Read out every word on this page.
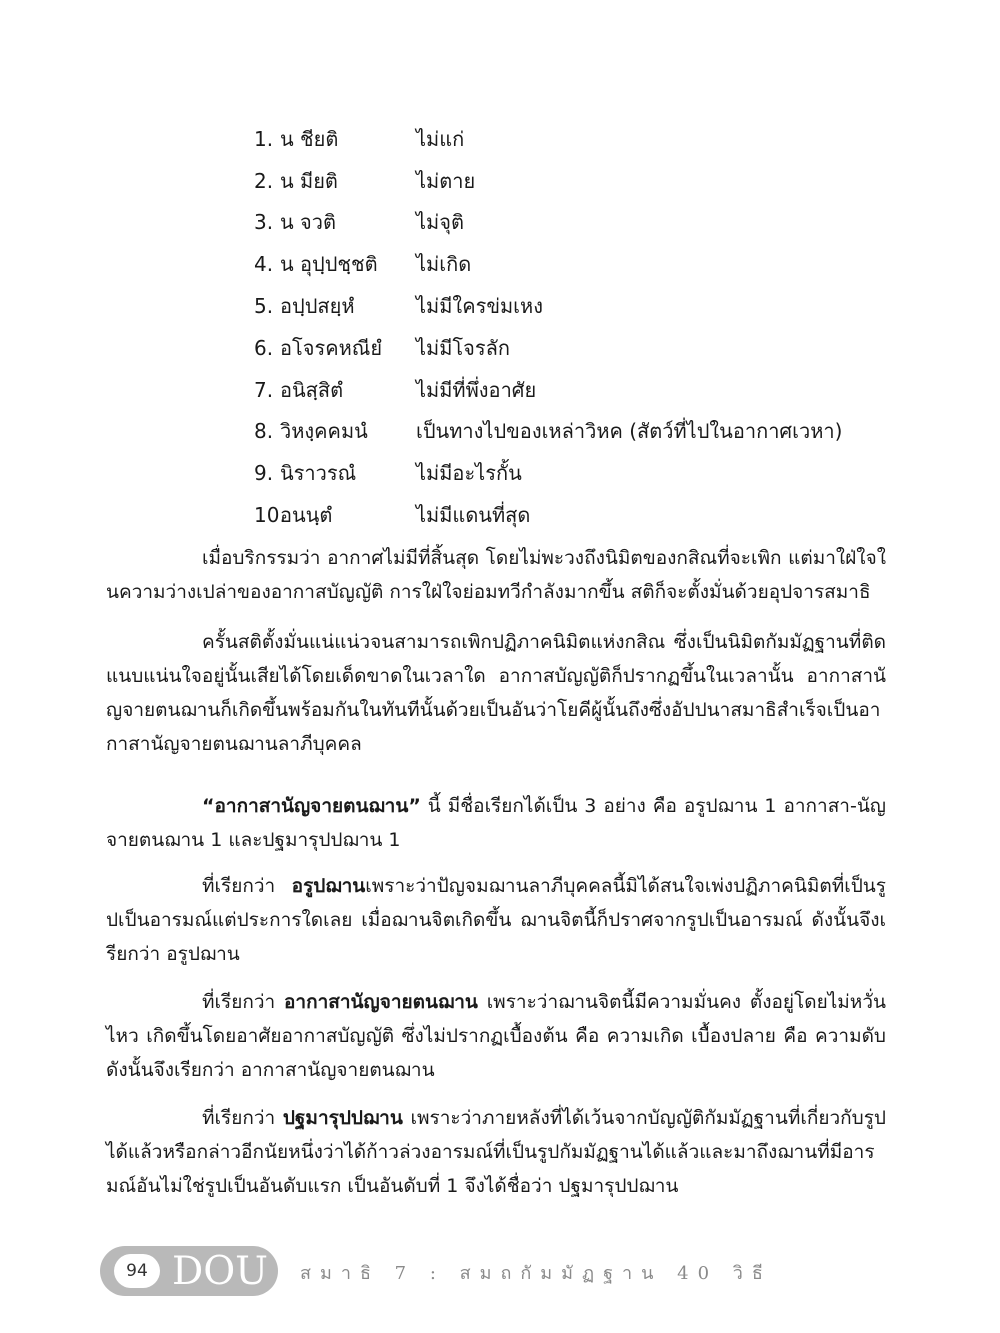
1. น ชียติ	ไม่แก่
2. น มียติ	ไม่ตาย
3. น จวติ	ไม่จุติ
4. น อุปฺปชฺชติ	ไม่เกิด
5. อปฺปสยฺหํ	ไม่มีใครข่มเหง
6. อโจรคหณียํ	ไม่มีโจรลัก
7. อนิสฺสิตํ	ไม่มีที่พึ่งอาศัย
8. วิหงฺคคมนํ	เป็นทางไปของเหล่าวิหค (สัตว์ที่ไปในอากาศเวหา)
9. นิราวรณํ	ไม่มีอะไรกั้น
10.
อนนฺตํ	ไม่มีแดนที่สุด

เมื่อบริกรรมว่า อากาศไม่มีที่สิ้นสุด โดยไม่พะวงถึงนิมิตของกสิณที่จะเพิก แต่มาใฝ่ใจในความว่างเปล่าของอากาสบัญญัติ การใฝ่ใจย่อมทวีกำลังมากขึ้น สติก็จะตั้งมั่นด้วยอุปจารสมาธิ

ครั้นสติตั้งมั่นแน่แน่วจนสามารถเพิกปฏิภาคนิมิตแห่งกสิณ ซึ่งเป็นนิมิตกัมมัฏฐานที่ติดแนบแน่นใจอยู่นั้นเสียได้โดยเด็ดขาดในเวลาใด อากาสบัญญัติก็ปรากฏขึ้นในเวลานั้น อากาสานัญจายตนฌานก็เกิดขึ้นพร้อมกันในทันทีนั้นด้วยเป็นอันว่าโยคีผู้นั้นถึงซึ่งอัปปนาสมาธิสำเร็จเป็นอากาสานัญจายตนฌานลาภีบุคคล

“อากาสานัญจายตนฌาน” นี้ มีชื่อเรียกได้เป็น 3 อย่าง คือ อรูปฌาน 1 อากาสา-นัญจายตนฌาน 1 และปฐมารุปปฌาน 1

ที่เรียกว่า อรูปฌานเพราะว่าปัญจมฌานลาภีบุคคลนี้มิได้สนใจเพ่งปฏิภาคนิมิตที่เป็นรูปเป็นอารมณ์แต่ประการใดเลย เมื่อฌานจิตเกิดขึ้น ฌานจิตนี้ก็ปราศจากรูปเป็นอารมณ์ ดังนั้นจึงเรียกว่า อรูปฌาน

ที่เรียกว่า อากาสานัญจายตนฌาน เพราะว่าฌานจิตนี้มีความมั่นคง ตั้งอยู่โดยไม่หวั่นไหว เกิดขึ้นโดยอาศัยอากาสบัญญัติ ซึ่งไม่ปรากฏเบื้องต้น คือ ความเกิด เบื้องปลาย คือ ความดับ ดังนั้นจึงเรียกว่า อากาสานัญจายตนฌาน

ที่เรียกว่า ปฐมารุปปฌาน เพราะว่าภายหลังที่ได้เว้นจากบัญญัติกัมมัฏฐานที่เกี่ยวกับรูปได้แล้วหรือกล่าวอีกนัยหนึ่งว่าได้ก้าวล่วงอารมณ์ที่เป็นรูปกัมมัฏฐานได้แล้วและมาถึงฌานที่มีอารมณ์อันไม่ใช่รูปเป็นอันดับแรก เป็นอันดับที่ 1 จึงได้ชื่อว่า ปฐมารุปปฌาน

94 DOU	สมาธิ 7 : สมถกัมมัฏฐาน 40 วิธี
